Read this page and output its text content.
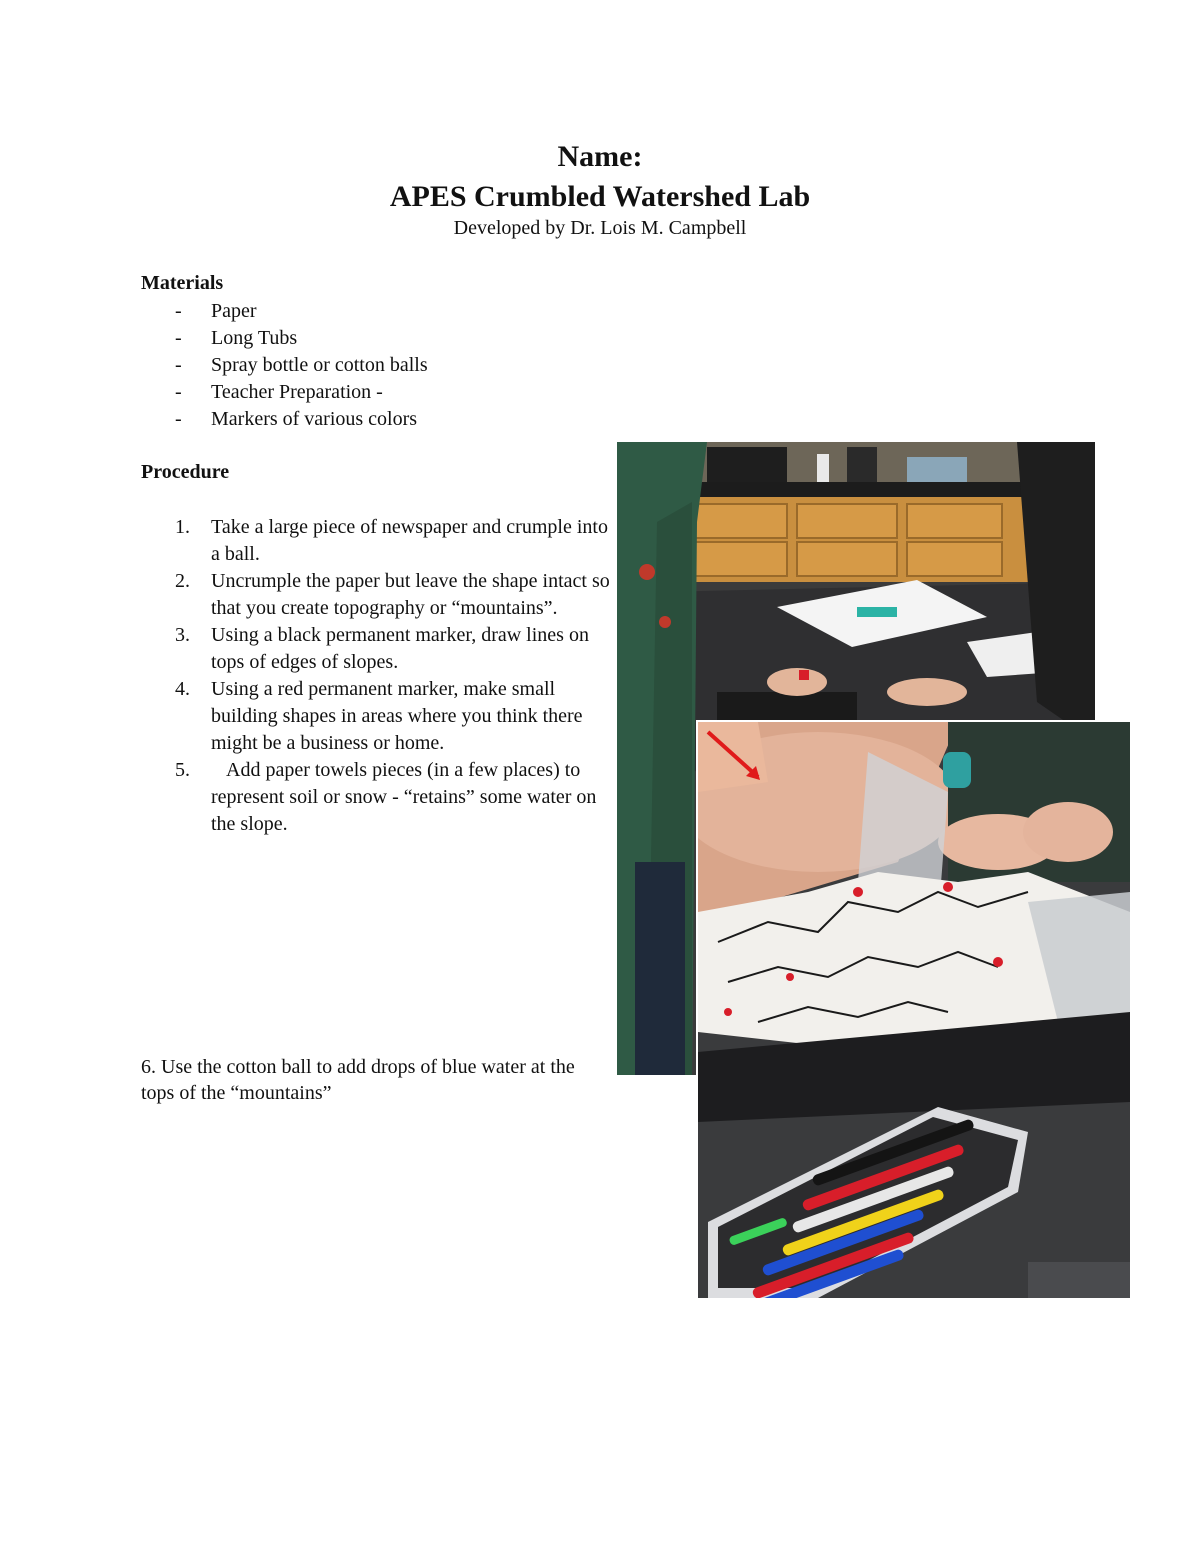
Name:
APES Crumbled Watershed Lab
Developed by Dr. Lois M. Campbell
Materials
- Paper
- Long Tubs
- Spray bottle or cotton balls
- Teacher Preparation -
- Markers of various colors
Procedure
1. Take a large piece of newspaper and crumple into a ball.
2. Uncrumple the paper but leave the shape intact so that you create topography or “mountains”.
3. Using a black permanent marker, draw lines on tops of edges of slopes.
4. Using a red permanent marker, make small building shapes in areas where you think there might be a business or home.
5. Add paper towels pieces (in a few places) to represent soil or snow - “retains” some water on the slope.
6. Use the cotton ball to add drops of blue water at the tops of the “mountains”
